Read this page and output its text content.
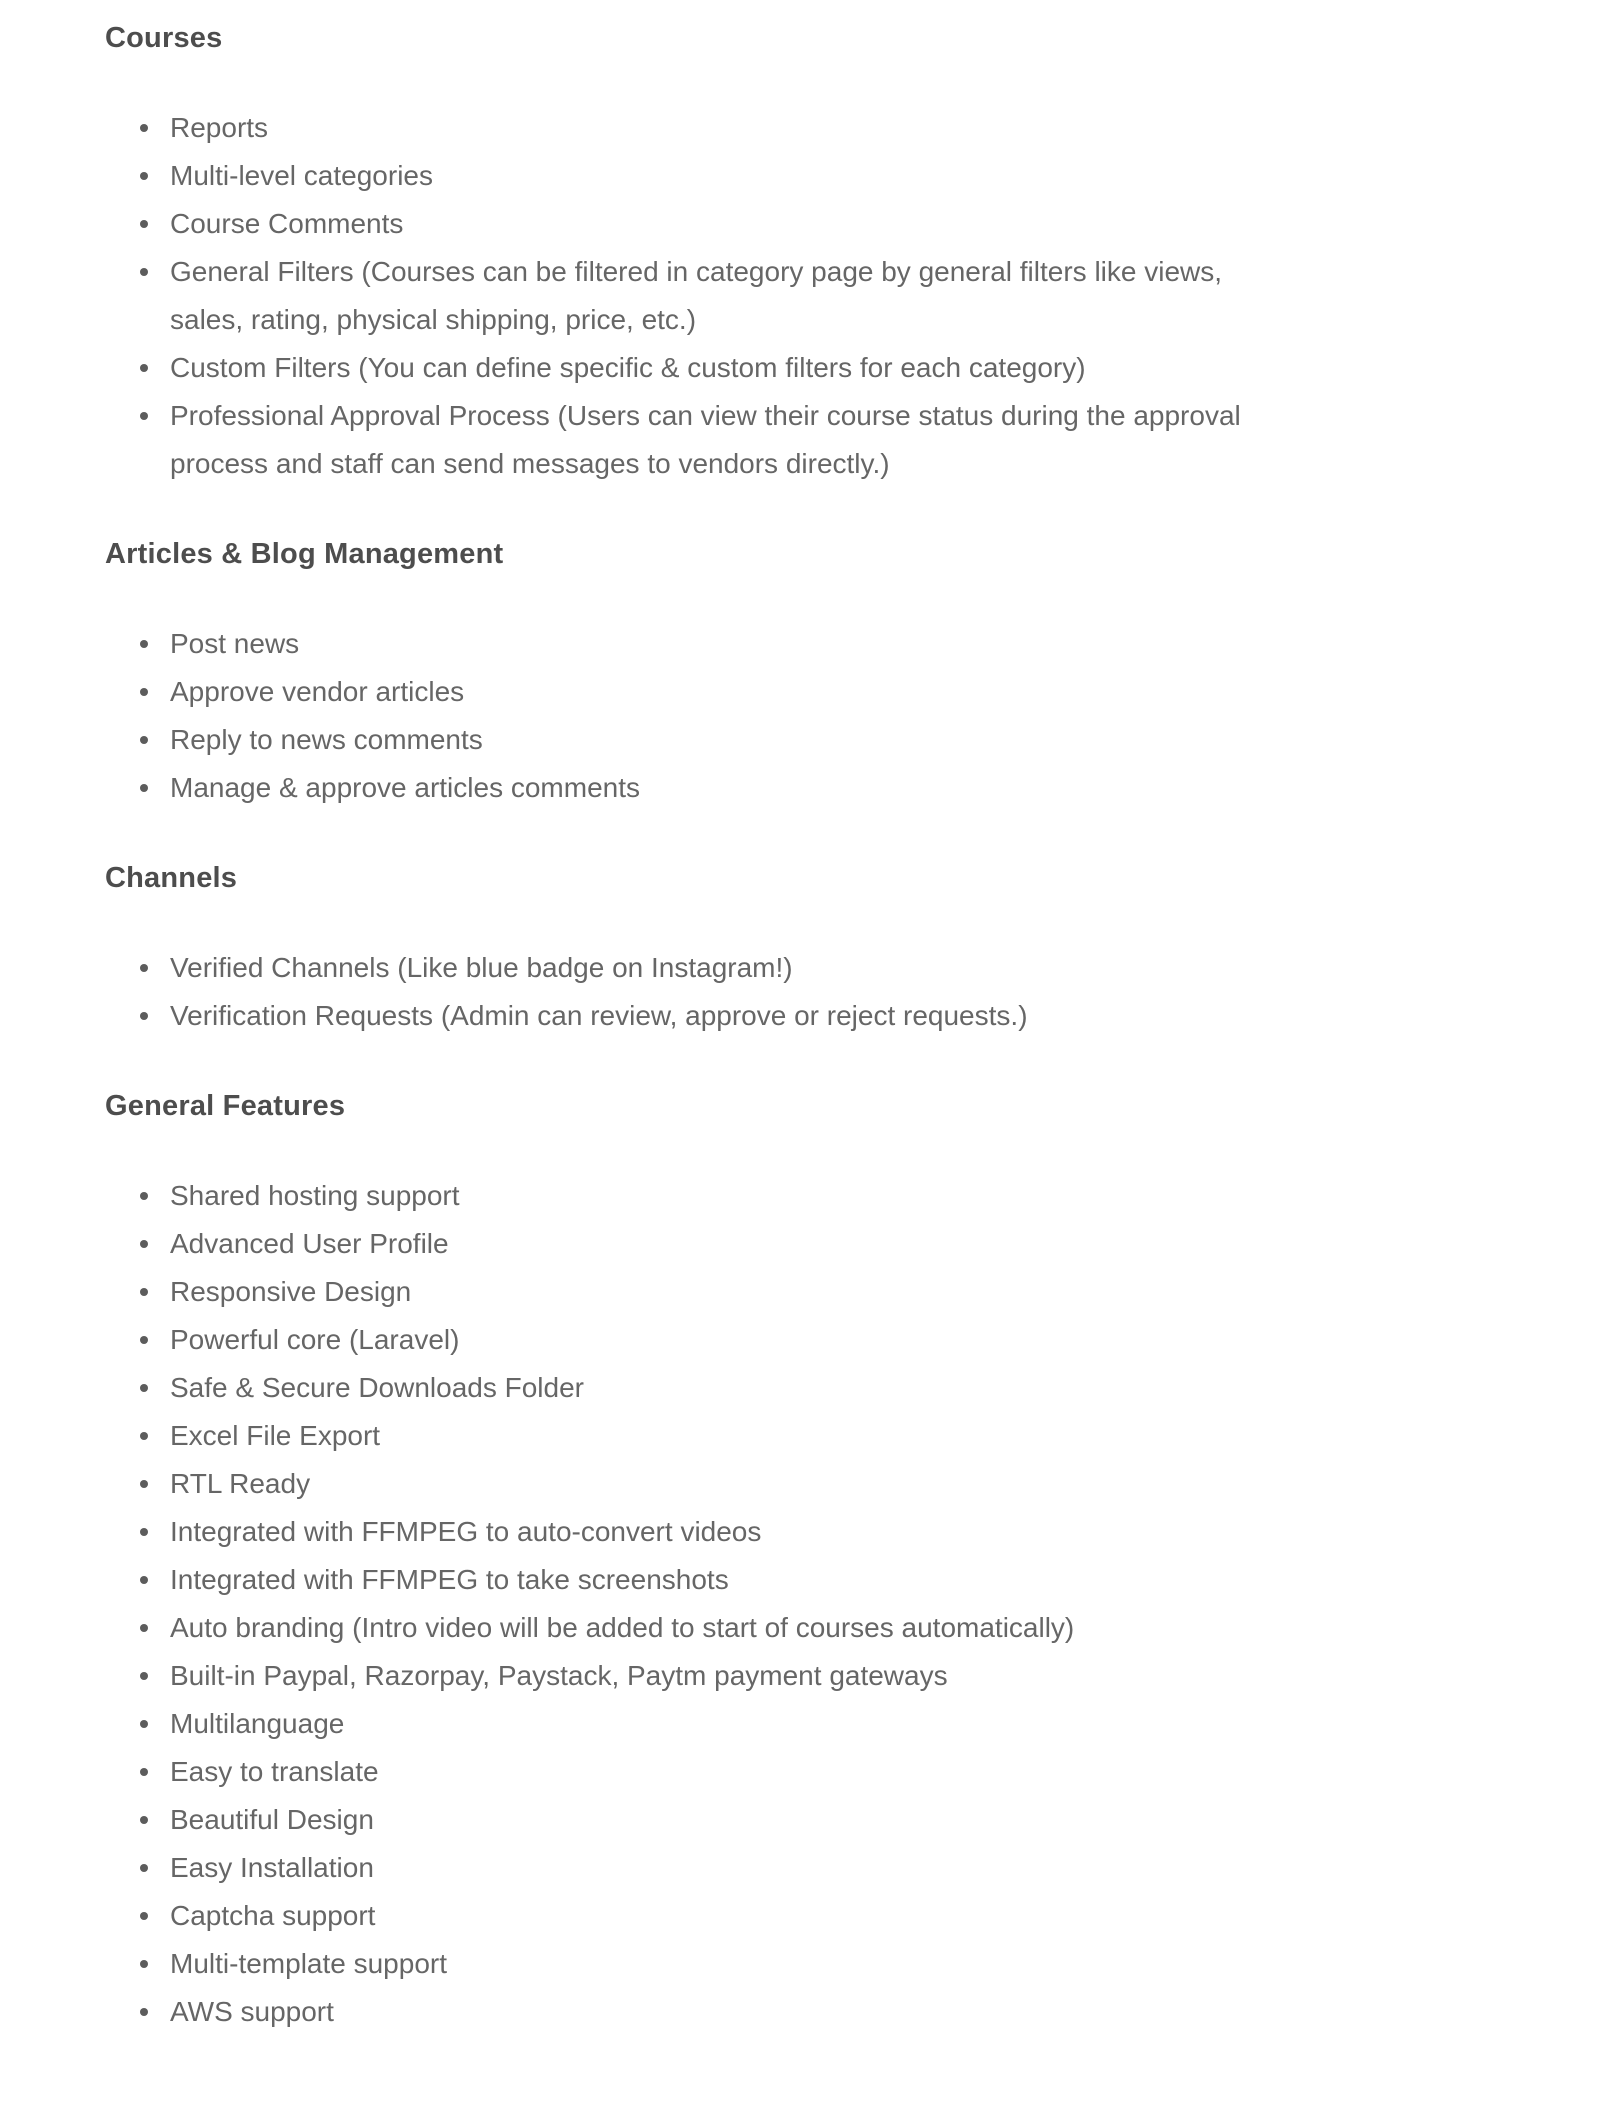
Courses
Reports
Multi-level categories
Course Comments
General Filters (Courses can be filtered in category page by general filters like views, sales, rating, physical shipping, price, etc.)
Custom Filters (You can define specific & custom filters for each category)
Professional Approval Process (Users can view their course status during the approval process and staff can send messages to vendors directly.)
Articles & Blog Management
Post news
Approve vendor articles
Reply to news comments
Manage & approve articles comments
Channels
Verified Channels (Like blue badge on Instagram!)
Verification Requests (Admin can review, approve or reject requests.)
General Features
Shared hosting support
Advanced User Profile
Responsive Design
Powerful core (Laravel)
Safe & Secure Downloads Folder
Excel File Export
RTL Ready
Integrated with FFMPEG to auto-convert videos
Integrated with FFMPEG to take screenshots
Auto branding (Intro video will be added to start of courses automatically)
Built-in Paypal, Razorpay, Paystack, Paytm payment gateways
Multilanguage
Easy to translate
Beautiful Design
Easy Installation
Captcha support
Multi-template support
AWS support
